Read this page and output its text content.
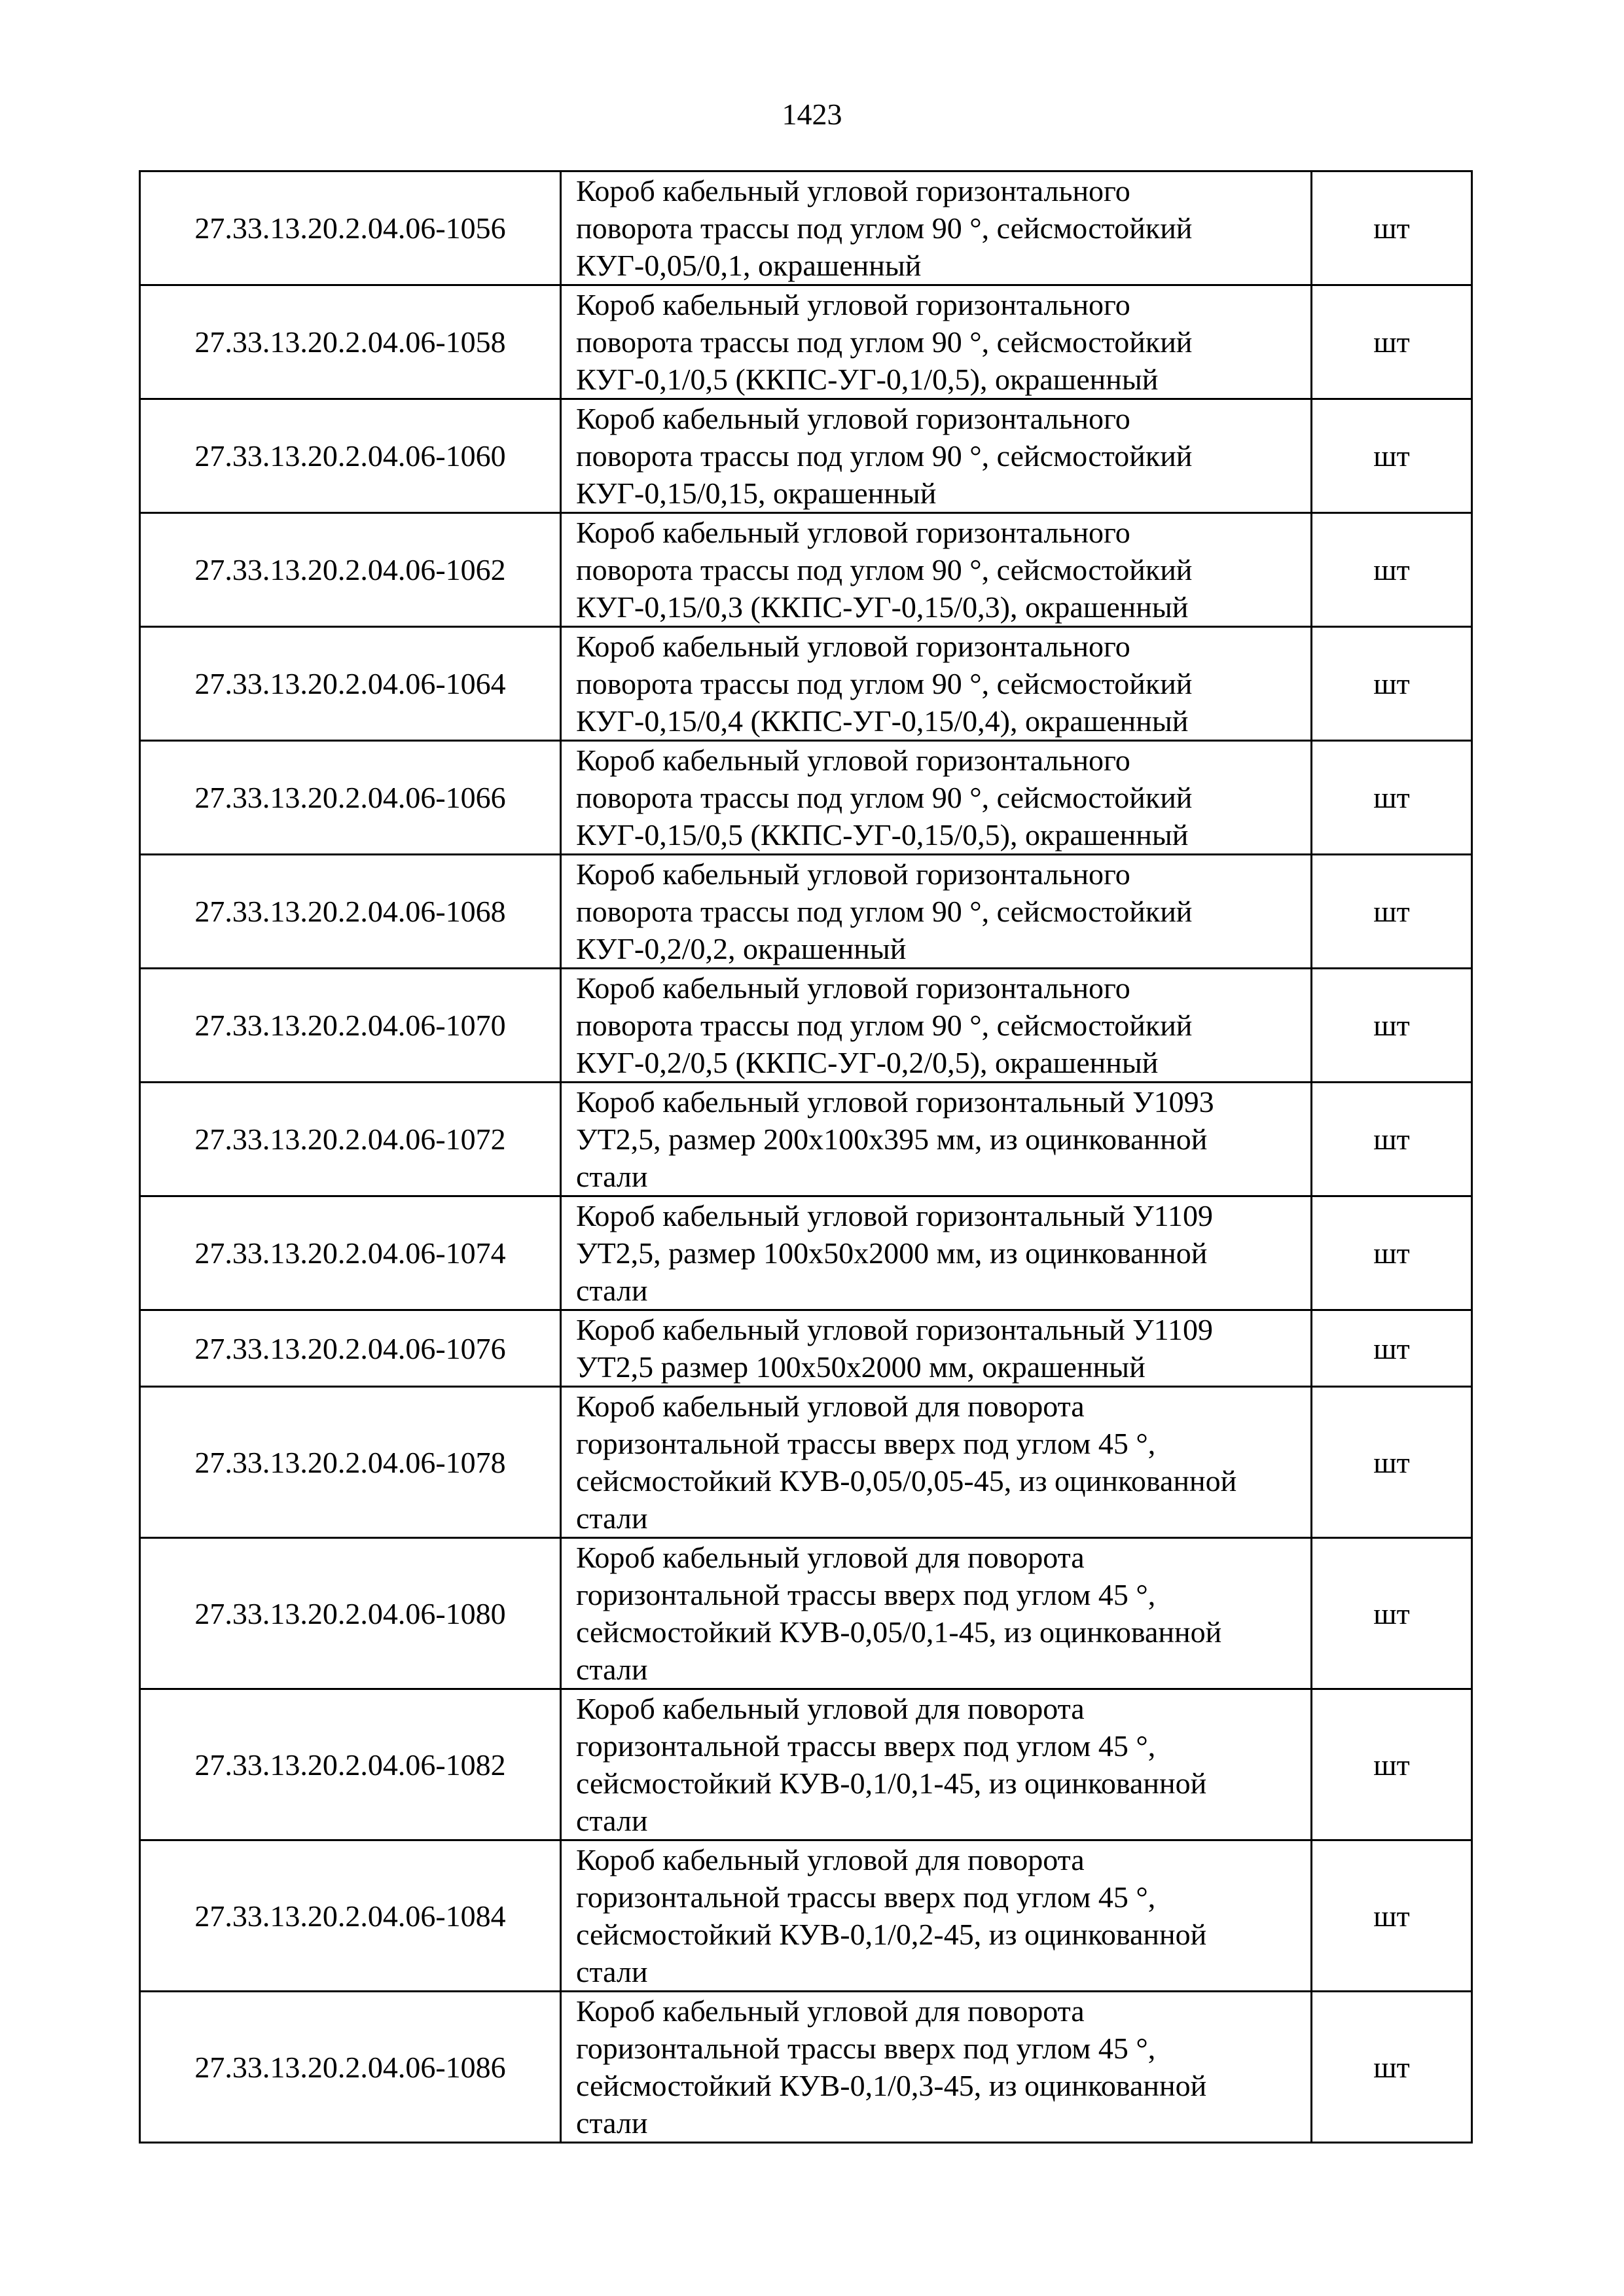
1423
27.33.13.20.2.04.06-1056	Короб кабельный угловой горизонтального
поворота трассы под углом 90 °, сейсмостойкий
КУГ-0,05/0,1, окрашенный	шт
27.33.13.20.2.04.06-1058	Короб кабельный угловой горизонтального
поворота трассы под углом 90 °, сейсмостойкий
КУГ-0,1/0,5 (ККПС-УГ-0,1/0,5), окрашенный	шт
27.33.13.20.2.04.06-1060	Короб кабельный угловой горизонтального
поворота трассы под углом 90 °, сейсмостойкий
КУГ-0,15/0,15, окрашенный	шт
27.33.13.20.2.04.06-1062	Короб кабельный угловой горизонтального
поворота трассы под углом 90 °, сейсмостойкий
КУГ-0,15/0,3 (ККПС-УГ-0,15/0,3), окрашенный	шт
27.33.13.20.2.04.06-1064	Короб кабельный угловой горизонтального
поворота трассы под углом 90 °, сейсмостойкий
КУГ-0,15/0,4 (ККПС-УГ-0,15/0,4), окрашенный	шт
27.33.13.20.2.04.06-1066	Короб кабельный угловой горизонтального
поворота трассы под углом 90 °, сейсмостойкий
КУГ-0,15/0,5 (ККПС-УГ-0,15/0,5), окрашенный	шт
27.33.13.20.2.04.06-1068	Короб кабельный угловой горизонтального
поворота трассы под углом 90 °, сейсмостойкий
КУГ-0,2/0,2, окрашенный	шт
27.33.13.20.2.04.06-1070	Короб кабельный угловой горизонтального
поворота трассы под углом 90 °, сейсмостойкий
КУГ-0,2/0,5 (ККПС-УГ-0,2/0,5), окрашенный	шт
27.33.13.20.2.04.06-1072	Короб кабельный угловой горизонтальный У1093
УТ2,5, размер 200х100х395 мм, из оцинкованной
стали	шт
27.33.13.20.2.04.06-1074	Короб кабельный угловой горизонтальный У1109
УТ2,5, размер 100х50х2000 мм, из оцинкованной
стали	шт
27.33.13.20.2.04.06-1076	Короб кабельный угловой горизонтальный У1109
УТ2,5 размер 100х50х2000 мм, окрашенный	шт
27.33.13.20.2.04.06-1078	Короб кабельный угловой для поворота
горизонтальной трассы вверх под углом 45 °,
сейсмостойкий КУВ-0,05/0,05-45, из оцинкованной
стали	шт
27.33.13.20.2.04.06-1080	Короб кабельный угловой для поворота
горизонтальной трассы вверх под углом 45 °,
сейсмостойкий КУВ-0,05/0,1-45, из оцинкованной
стали	шт
27.33.13.20.2.04.06-1082	Короб кабельный угловой для поворота
горизонтальной трассы вверх под углом 45 °,
сейсмостойкий КУВ-0,1/0,1-45, из оцинкованной
стали	шт
27.33.13.20.2.04.06-1084	Короб кабельный угловой для поворота
горизонтальной трассы вверх под углом 45 °,
сейсмостойкий КУВ-0,1/0,2-45, из оцинкованной
стали	шт
27.33.13.20.2.04.06-1086	Короб кабельный угловой для поворота
горизонтальной трассы вверх под углом 45 °,
сейсмостойкий КУВ-0,1/0,3-45, из оцинкованной
стали	шт
